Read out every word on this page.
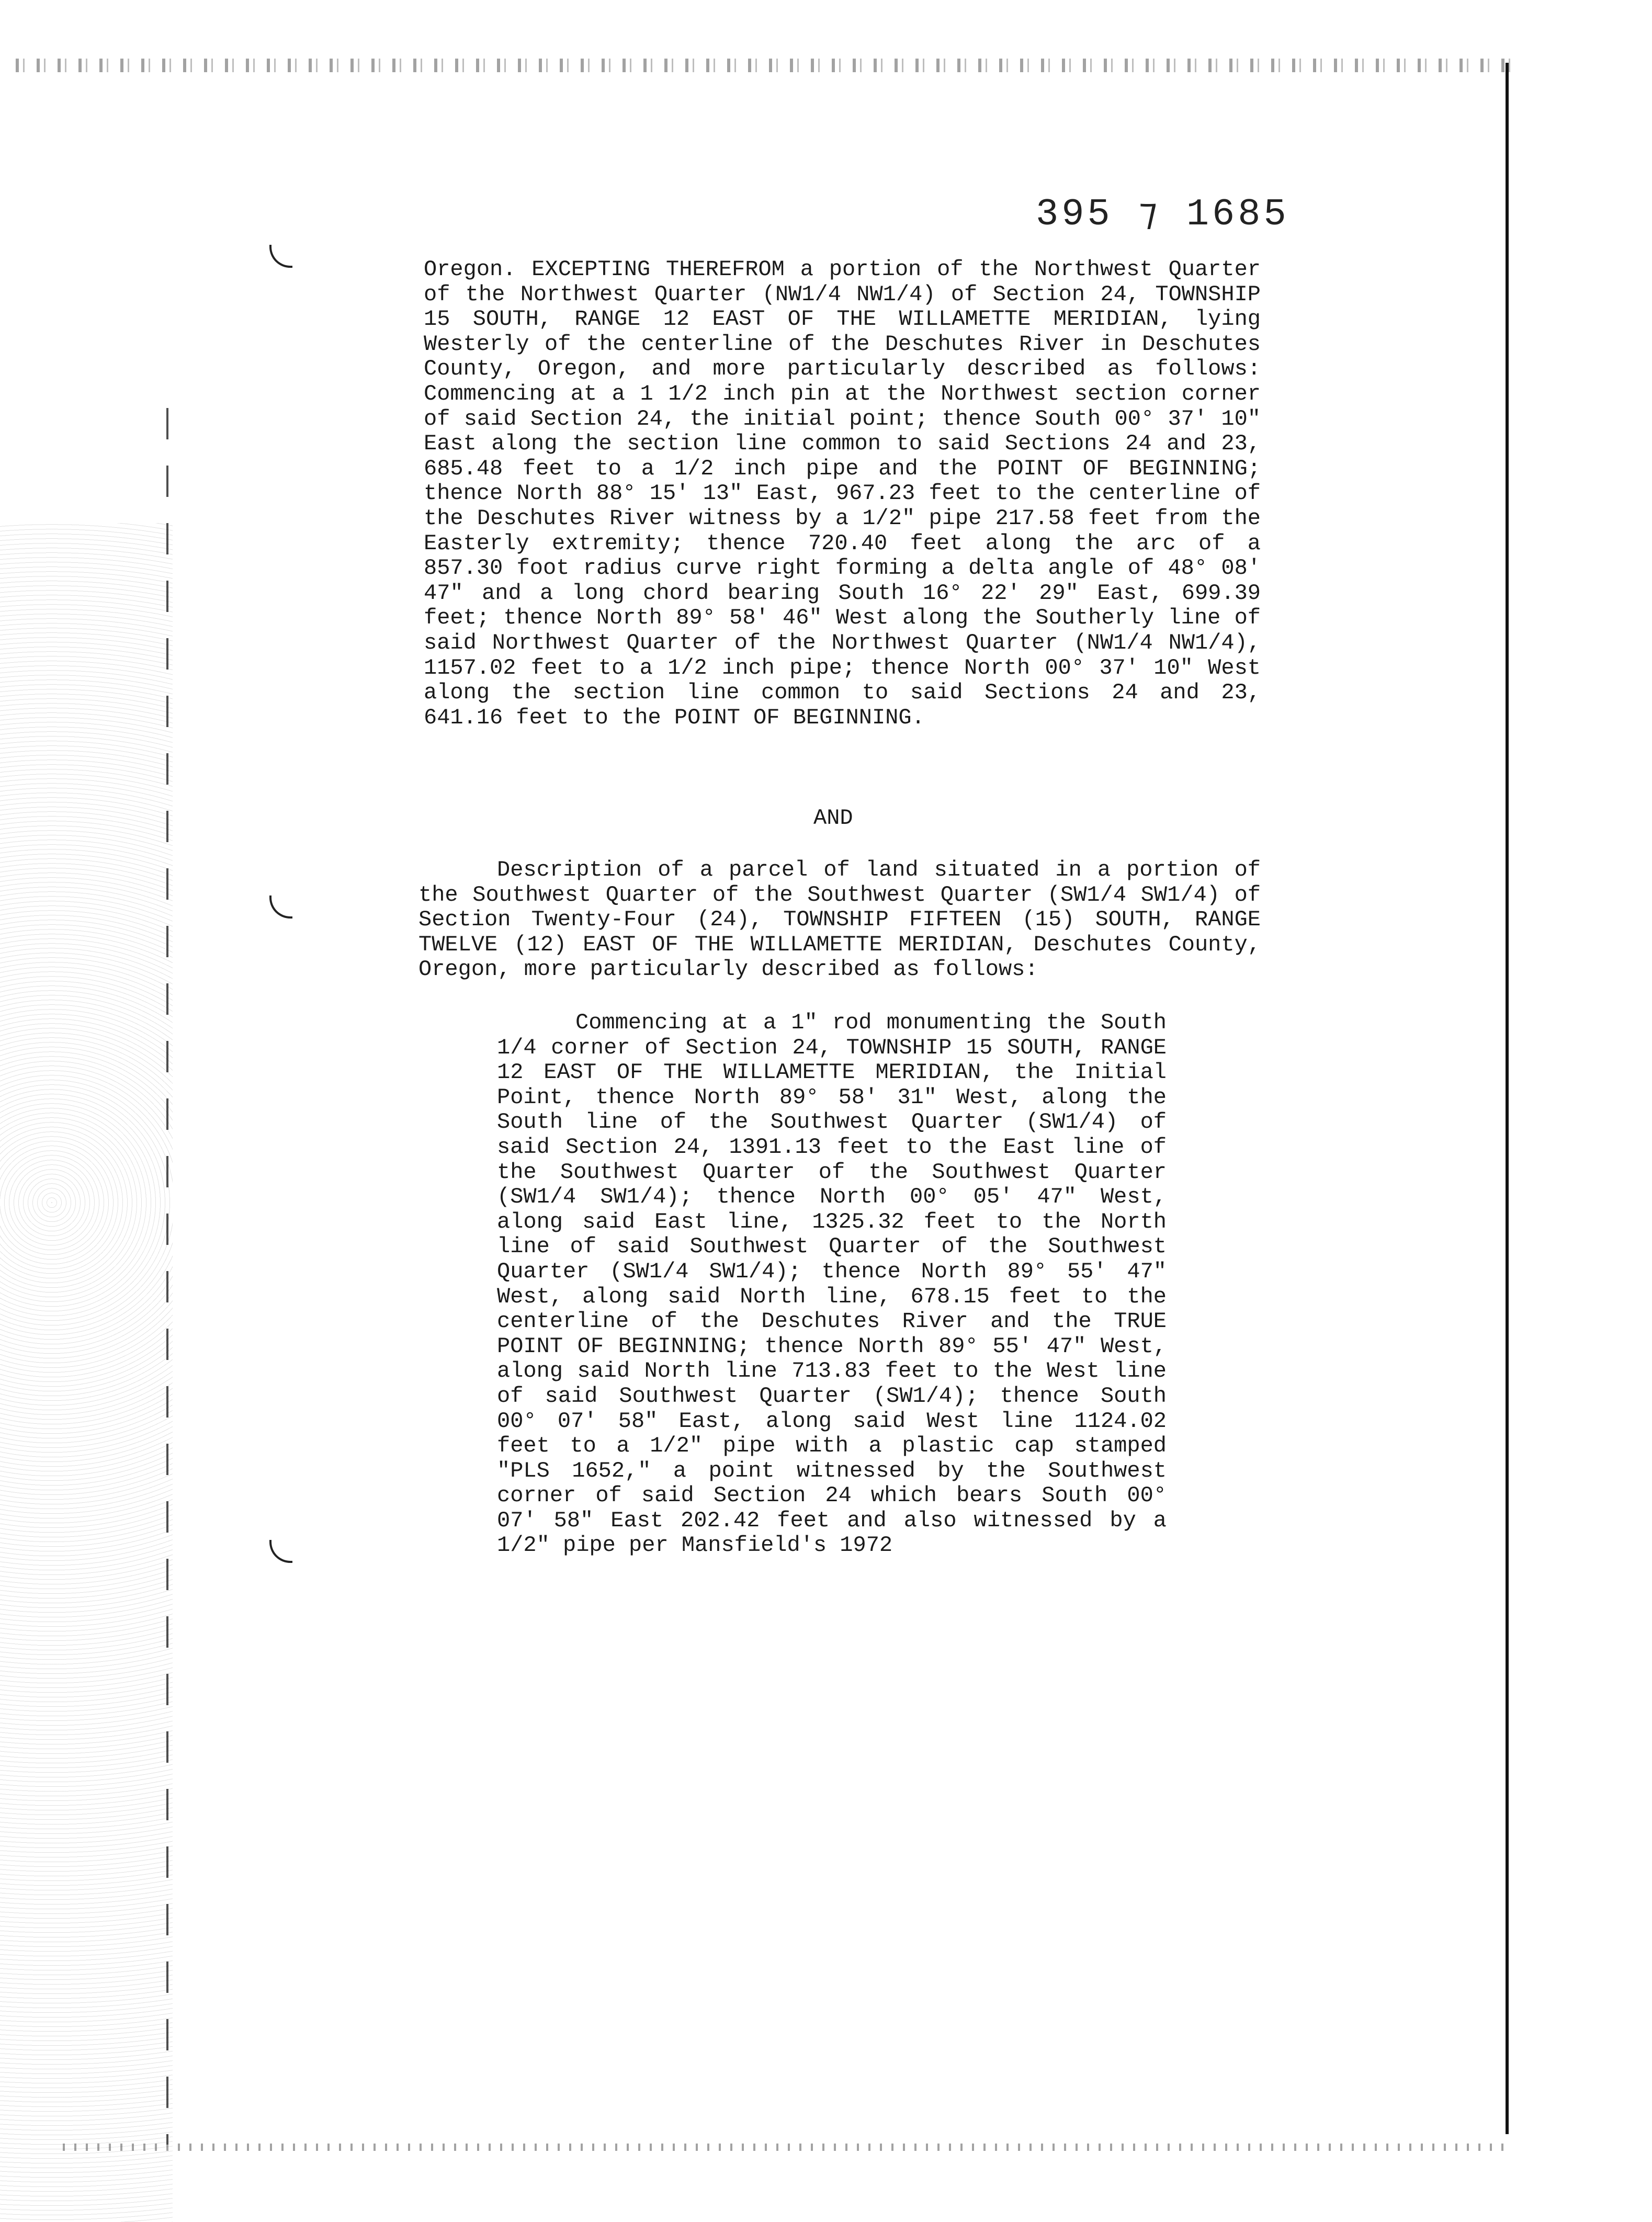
395 ⁊ 1685

Oregon. EXCEPTING THEREFROM a portion of the Northwest Quarter of the Northwest Quarter (NW1/4 NW1/4) of Section 24, TOWNSHIP 15 SOUTH, RANGE 12 EAST OF THE WILLAMETTE MERIDIAN, lying Westerly of the centerline of the Deschutes River in Deschutes County, Oregon, and more particularly described as follows: Commencing at a 1 1/2 inch pin at the Northwest section corner of said Section 24, the initial point; thence South 00° 37' 10" East along the section line common to said Sections 24 and 23, 685.48 feet to a 1/2 inch pipe and the POINT OF BEGINNING; thence North 88° 15' 13" East, 967.23 feet to the centerline of the Deschutes River witness by a 1/2" pipe 217.58 feet from the Easterly extremity; thence 720.40 feet along the arc of a 857.30 foot radius curve right forming a delta angle of 48° 08' 47" and a long chord bearing South 16° 22' 29" East, 699.39 feet; thence North 89° 58' 46" West along the Southerly line of said Northwest Quarter of the Northwest Quarter (NW1/4 NW1/4), 1157.02 feet to a 1/2 inch pipe; thence North 00° 37' 10" West along the section line common to said Sections 24 and 23, 641.16 feet to the POINT OF BEGINNING.

AND

Description of a parcel of land situated in a portion of the Southwest Quarter of the Southwest Quarter (SW1/4 SW1/4) of Section Twenty-Four (24), TOWNSHIP FIFTEEN (15) SOUTH, RANGE TWELVE (12) EAST OF THE WILLAMETTE MERIDIAN, Deschutes County, Oregon, more particularly described as follows:

Commencing at a 1" rod monumenting the South 1/4 corner of Section 24, TOWNSHIP 15 SOUTH, RANGE 12 EAST OF THE WILLAMETTE MERIDIAN, the Initial Point, thence North 89° 58' 31" West, along the South line of the Southwest Quarter (SW1/4) of said Section 24, 1391.13 feet to the East line of the Southwest Quarter of the Southwest Quarter (SW1/4 SW1/4); thence North 00° 05' 47" West, along said East line, 1325.32 feet to the North line of said Southwest Quarter of the Southwest Quarter (SW1/4 SW1/4); thence North 89° 55' 47" West, along said North line, 678.15 feet to the centerline of the Deschutes River and the TRUE POINT OF BEGINNING; thence North 89° 55' 47" West, along said North line 713.83 feet to the West line of said Southwest Quarter (SW1/4); thence South 00° 07' 58" East, along said West line 1124.02 feet to a 1/2" pipe with a plastic cap stamped "PLS 1652," a point witnessed by the Southwest corner of said Section 24 which bears South 00° 07' 58" East 202.42 feet and also witnessed by a 1/2" pipe per Mansfield's 1972
